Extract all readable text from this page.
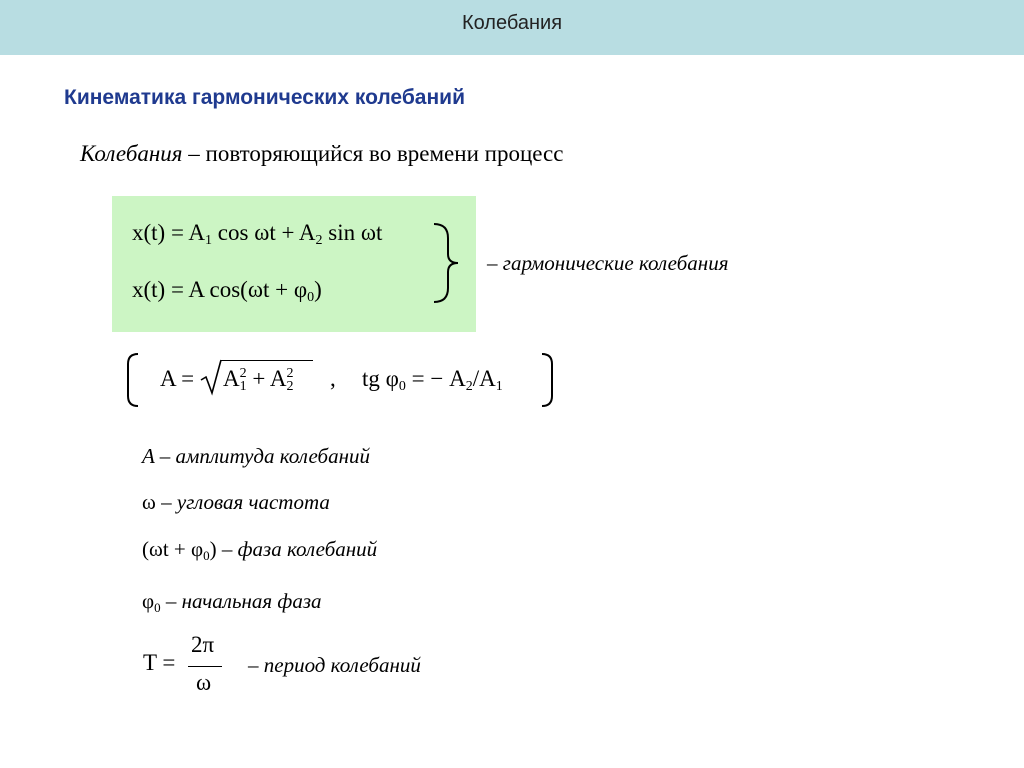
Колебания
Кинематика гармонических колебаний
Колебания – повторяющийся во времени процесс
$x(t) = A_1$ $\cos \omega t + A_2$ sin ωt
x(t) = A $\cos(\omega t + \varphi_0)$
– гармонические колебания
$A = A^2_1 + A^2_2$ , tg $\varphi_0$ = − $A_2/A_1$
A – амплитуда колебаний
ω – угловая частота
$(\omega t + \varphi_0)$ – фаза колебаний
$\varphi_0$ – начальная фаза
T =
2π
ω
– период колебаний
